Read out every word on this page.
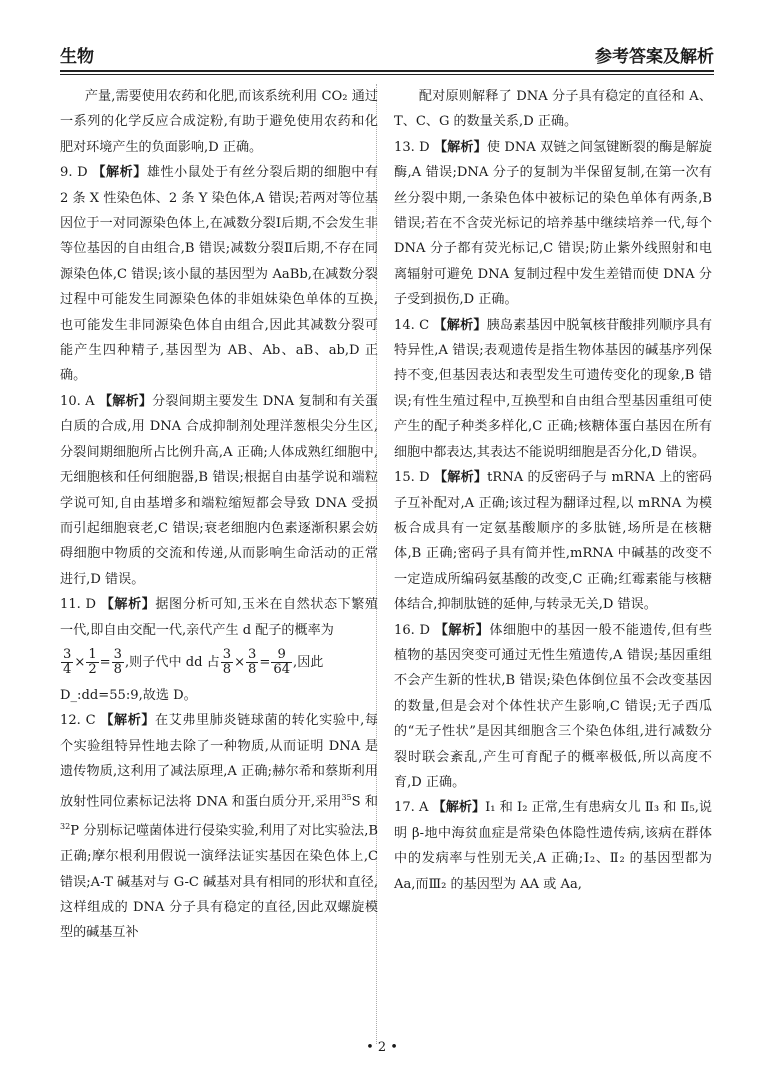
生物	参考答案及解析

产量,需要使用农药和化肥,而该系统利用 CO₂ 通过一系列的化学反应合成淀粉,有助于避免使用农药和化肥对环境产生的负面影响,D 正确。

9. D 【解析】雄性小鼠处于有丝分裂后期的细胞中有 2 条 X 性染色体、2 条 Y 染色体,A 错误;若两对等位基因位于一对同源染色体上,在减数分裂Ⅰ后期,不会发生非等位基因的自由组合,B 错误;减数分裂Ⅱ后期,不存在同源染色体,C 错误;该小鼠的基因型为 AaBb,在减数分裂过程中可能发生同源染色体的非姐妹染色单体的互换,也可能发生非同源染色体自由组合,因此其减数分裂可能产生四种精子,基因型为 AB、Ab、aB、ab,D 正确。

10. A 【解析】分裂间期主要发生 DNA 复制和有关蛋白质的合成,用 DNA 合成抑制剂处理洋葱根尖分生区,分裂间期细胞所占比例升高,A 正确;人体成熟红细胞中,无细胞核和任何细胞器,B 错误;根据自由基学说和端粒学说可知,自由基增多和端粒缩短都会导致 DNA 受损而引起细胞衰老,C 错误;衰老细胞内色素逐渐积累会妨碍细胞中物质的交流和传递,从而影响生命活动的正常进行,D 错误。

11. D 【解析】据图分析可知,玉米在自然状态下繁殖一代,即自由交配一代,亲代产生 d 配子的概率为

$\frac{3}{4} \times \frac{1}{2} = \frac{3}{8}$ ,则子代中 dd 占 $\frac{3}{8} \times \frac{3}{8} = \frac{9}{64}$ ,因此

D_:dd=55:9,故选 D。

12. C 【解析】在艾弗里肺炎链球菌的转化实验中,每个实验组特异性地去除了一种物质,从而证明 DNA 是遗传物质,这利用了减法原理,A 正确;赫尔希和蔡斯利用放射性同位素标记法将 DNA 和蛋白质分开,采用$^{35}$S 和$^{32}$P 分别标记噬菌体进行侵染实验,利用了对比实验法,B 正确;摩尔根利用假说一演绎法证实基因在染色体上,C 错误;A-T 碱基对与 G-C 碱基对具有相同的形状和直径,这样组成的 DNA 分子具有稳定的直径,因此双螺旋模型的碱基互补

配对原则解释了 DNA 分子具有稳定的直径和 A、T、C、G 的数量关系,D 正确。

13. D 【解析】使 DNA 双链之间氢键断裂的酶是解旋酶,A 错误;DNA 分子的复制为半保留复制,在第一次有丝分裂中期,一条染色体中被标记的染色单体有两条,B 错误;若在不含荧光标记的培养基中继续培养一代,每个 DNA 分子都有荧光标记,C 错误;防止紫外线照射和电离辐射可避免 DNA 复制过程中发生差错而使 DNA 分子受到损伤,D 正确。

14. C 【解析】胰岛素基因中脱氧核苷酸排列顺序具有特异性,A 错误;表观遗传是指生物体基因的碱基序列保持不变,但基因表达和表型发生可遗传变化的现象,B 错误;有性生殖过程中,互换型和自由组合型基因重组可使产生的配子种类多样化,C 正确;核糖体蛋白基因在所有细胞中都表达,其表达不能说明细胞是否分化,D 错误。

15. D 【解析】tRNA 的反密码子与 mRNA 上的密码子互补配对,A 正确;该过程为翻译过程,以 mRNA 为模板合成具有一定氨基酸顺序的多肽链,场所是在核糖体,B 正确;密码子具有简并性,mRNA 中碱基的改变不一定造成所编码氨基酸的改变,C 正确;红霉素能与核糖体结合,抑制肽链的延伸,与转录无关,D 错误。

16. D 【解析】体细胞中的基因一般不能遗传,但有些植物的基因突变可通过无性生殖遗传,A 错误;基因重组不会产生新的性状,B 错误;染色体倒位虽不会改变基因的数量,但是会对个体性状产生影响,C 错误;无子西瓜的“无子性状”是因其细胞含三个染色体组,进行减数分裂时联会紊乱,产生可育配子的概率极低,所以高度不育,D 正确。

17. A 【解析】Ⅰ₁ 和 Ⅰ₂ 正常,生有患病女儿 Ⅱ₃ 和 Ⅱ₅,说明 β-地中海贫血症是常染色体隐性遗传病,该病在群体中的发病率与性别无关,A 正确;Ⅰ₂、Ⅱ₂ 的基因型都为 Aa,而Ⅲ₂ 的基因型为 AA 或 Aa,

• 2 •
